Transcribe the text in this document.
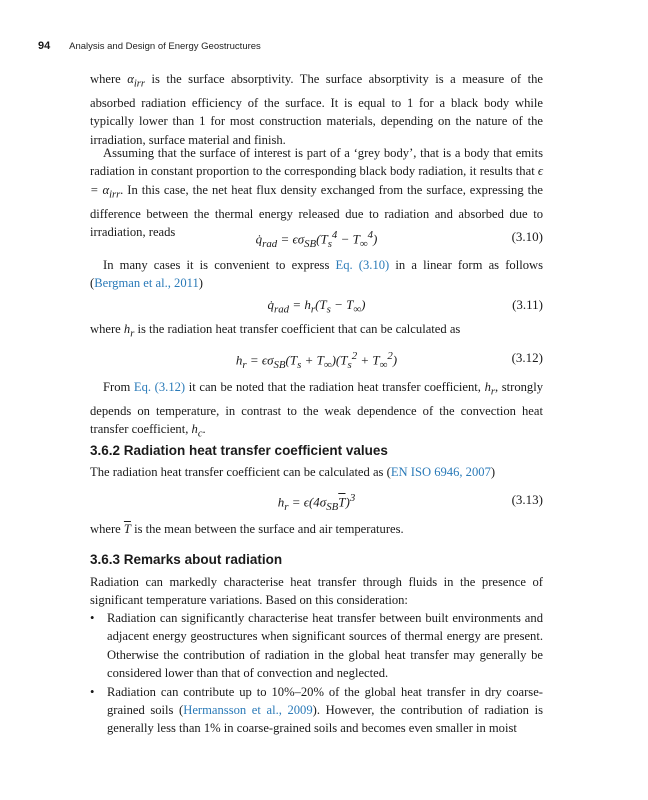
94 Analysis and Design of Energy Geostructures
where $\alpha_{irr}$ is the surface absorptivity. The surface absorptivity is a measure of the absorbed radiation efficiency of the surface. It is equal to 1 for a black body while typically lower than 1 for most construction materials, depending on the nature of the irradiation, surface material and finish.
Assuming that the surface of interest is part of a ‘grey body’, that is a body that emits radiation in constant proportion to the corresponding black body radiation, it results that $\epsilon = \alpha_{irr}$. In this case, the net heat flux density exchanged from the surface, expressing the difference between the thermal energy released due to radiation and absorbed due to irradiation, reads	$q̇_{rad} = \epsilon\sigma_{SB}(T_s^4 - T_\infty^4)$	(3.10)
In many cases it is convenient to express Eq. (3.10) in a linear form as follows (Bergman et al., 2011)
$q̇_{rad} = h_r(T_s - T_\infty)$	(3.11)
where $h_r$ is the radiation heat transfer coefficient that can be calculated as
$h_r = \epsilon\sigma_{SB}(T_s + T_\infty)(T_s^2 + T_\infty^2)$	(3.12)
From Eq. (3.12) it can be noted that the radiation heat transfer coefficient, $h_r$, strongly depends on temperature, in contrast to the weak dependence of the convection heat transfer coefficient, $h_c$.
3.6.2 Radiation heat transfer coefficient values
The radiation heat transfer coefficient can be calculated as (EN ISO 6946, 2007)
$h_r = \epsilon(4\sigma_{SB}\overline{T})^3$	(3.13)
where $\overline{T}$ is the mean between the surface and air temperatures.
3.6.3 Remarks about radiation
Radiation can markedly characterise heat transfer through fluids in the presence of significant temperature variations. Based on this consideration:
• Radiation can significantly characterise heat transfer between built environments and adjacent energy geostructures when significant sources of thermal energy are present. Otherwise the contribution of radiation in the global heat transfer may generally be considered lower than that of convection and neglected.
• Radiation can contribute up to 10%–20% of the global heat transfer in dry coarse-grained soils (Hermansson et al., 2009). However, the contribution of radiation is generally less than 1% in coarse-grained soils and becomes even smaller in moist
